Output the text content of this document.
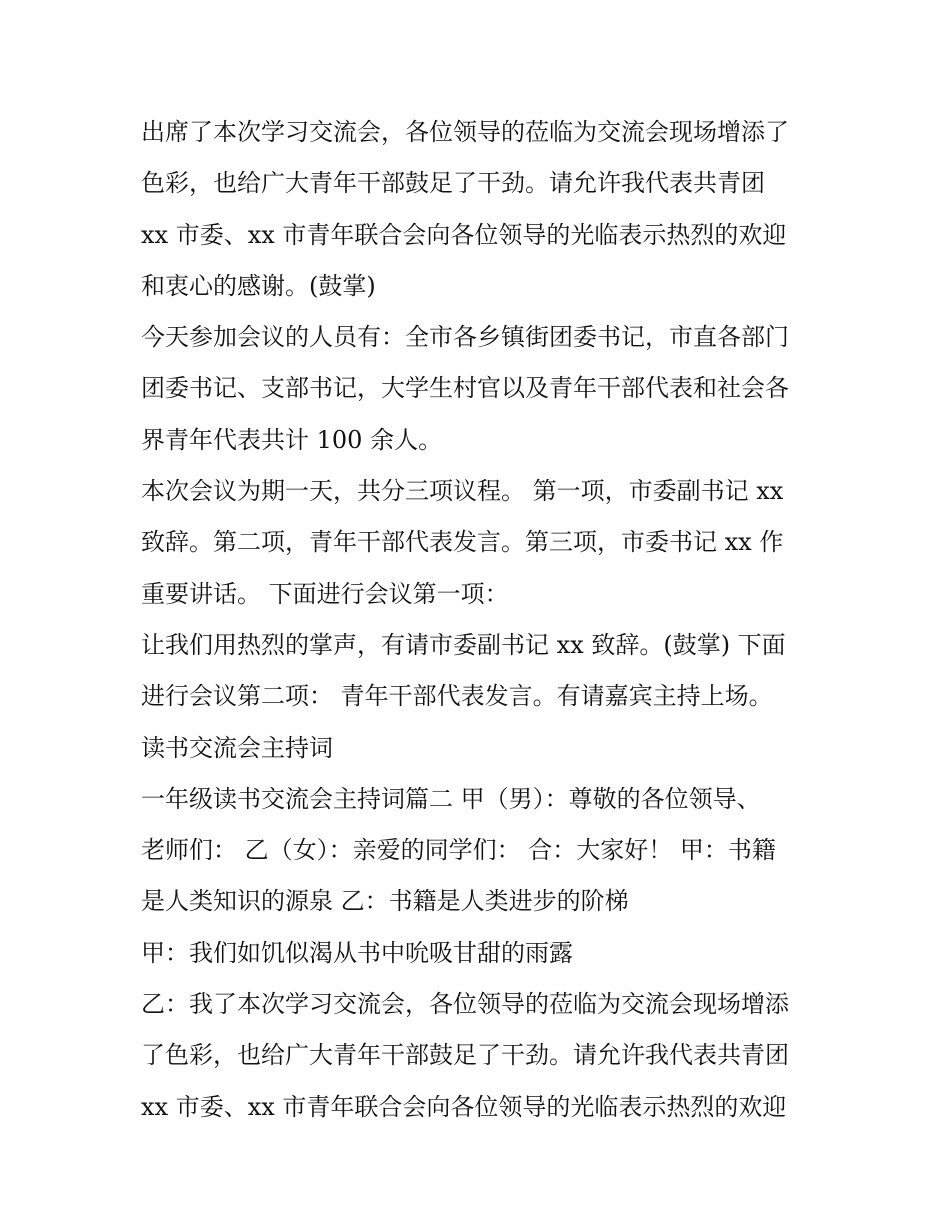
出席了本次学习交流会，各位领导的莅临为交流会现场增添了
色彩，也给广大青年干部鼓足了干劲。请允许我代表共青团
xx 市委、xx 市青年联合会向各位领导的光临表示热烈的欢迎
和衷心的感谢。(鼓掌)
今天参加会议的人员有：全市各乡镇街团委书记，市直各部门
团委书记、支部书记，大学生村官以及青年干部代表和社会各
界青年代表共计 100 余人。
本次会议为期一天，共分三项议程。 第一项，市委副书记 xx
致辞。第二项，青年干部代表发言。第三项，市委书记 xx 作
重要讲话。 下面进行会议第一项：
让我们用热烈的掌声，有请市委副书记 xx 致辞。(鼓掌) 下面
进行会议第二项： 青年干部代表发言。有请嘉宾主持上场。
读书交流会主持词
一年级读书交流会主持词篇二 甲（男）：尊敬的各位领导、
老师们： 乙（女）：亲爱的同学们： 合：大家好！ 甲：书籍
是人类知识的源泉 乙：书籍是人类进步的阶梯
甲：我们如饥似渴从书中吮吸甘甜的雨露
乙：我了本次学习交流会，各位领导的莅临为交流会现场增添
了色彩，也给广大青年干部鼓足了干劲。请允许我代表共青团
xx 市委、xx 市青年联合会向各位领导的光临表示热烈的欢迎
